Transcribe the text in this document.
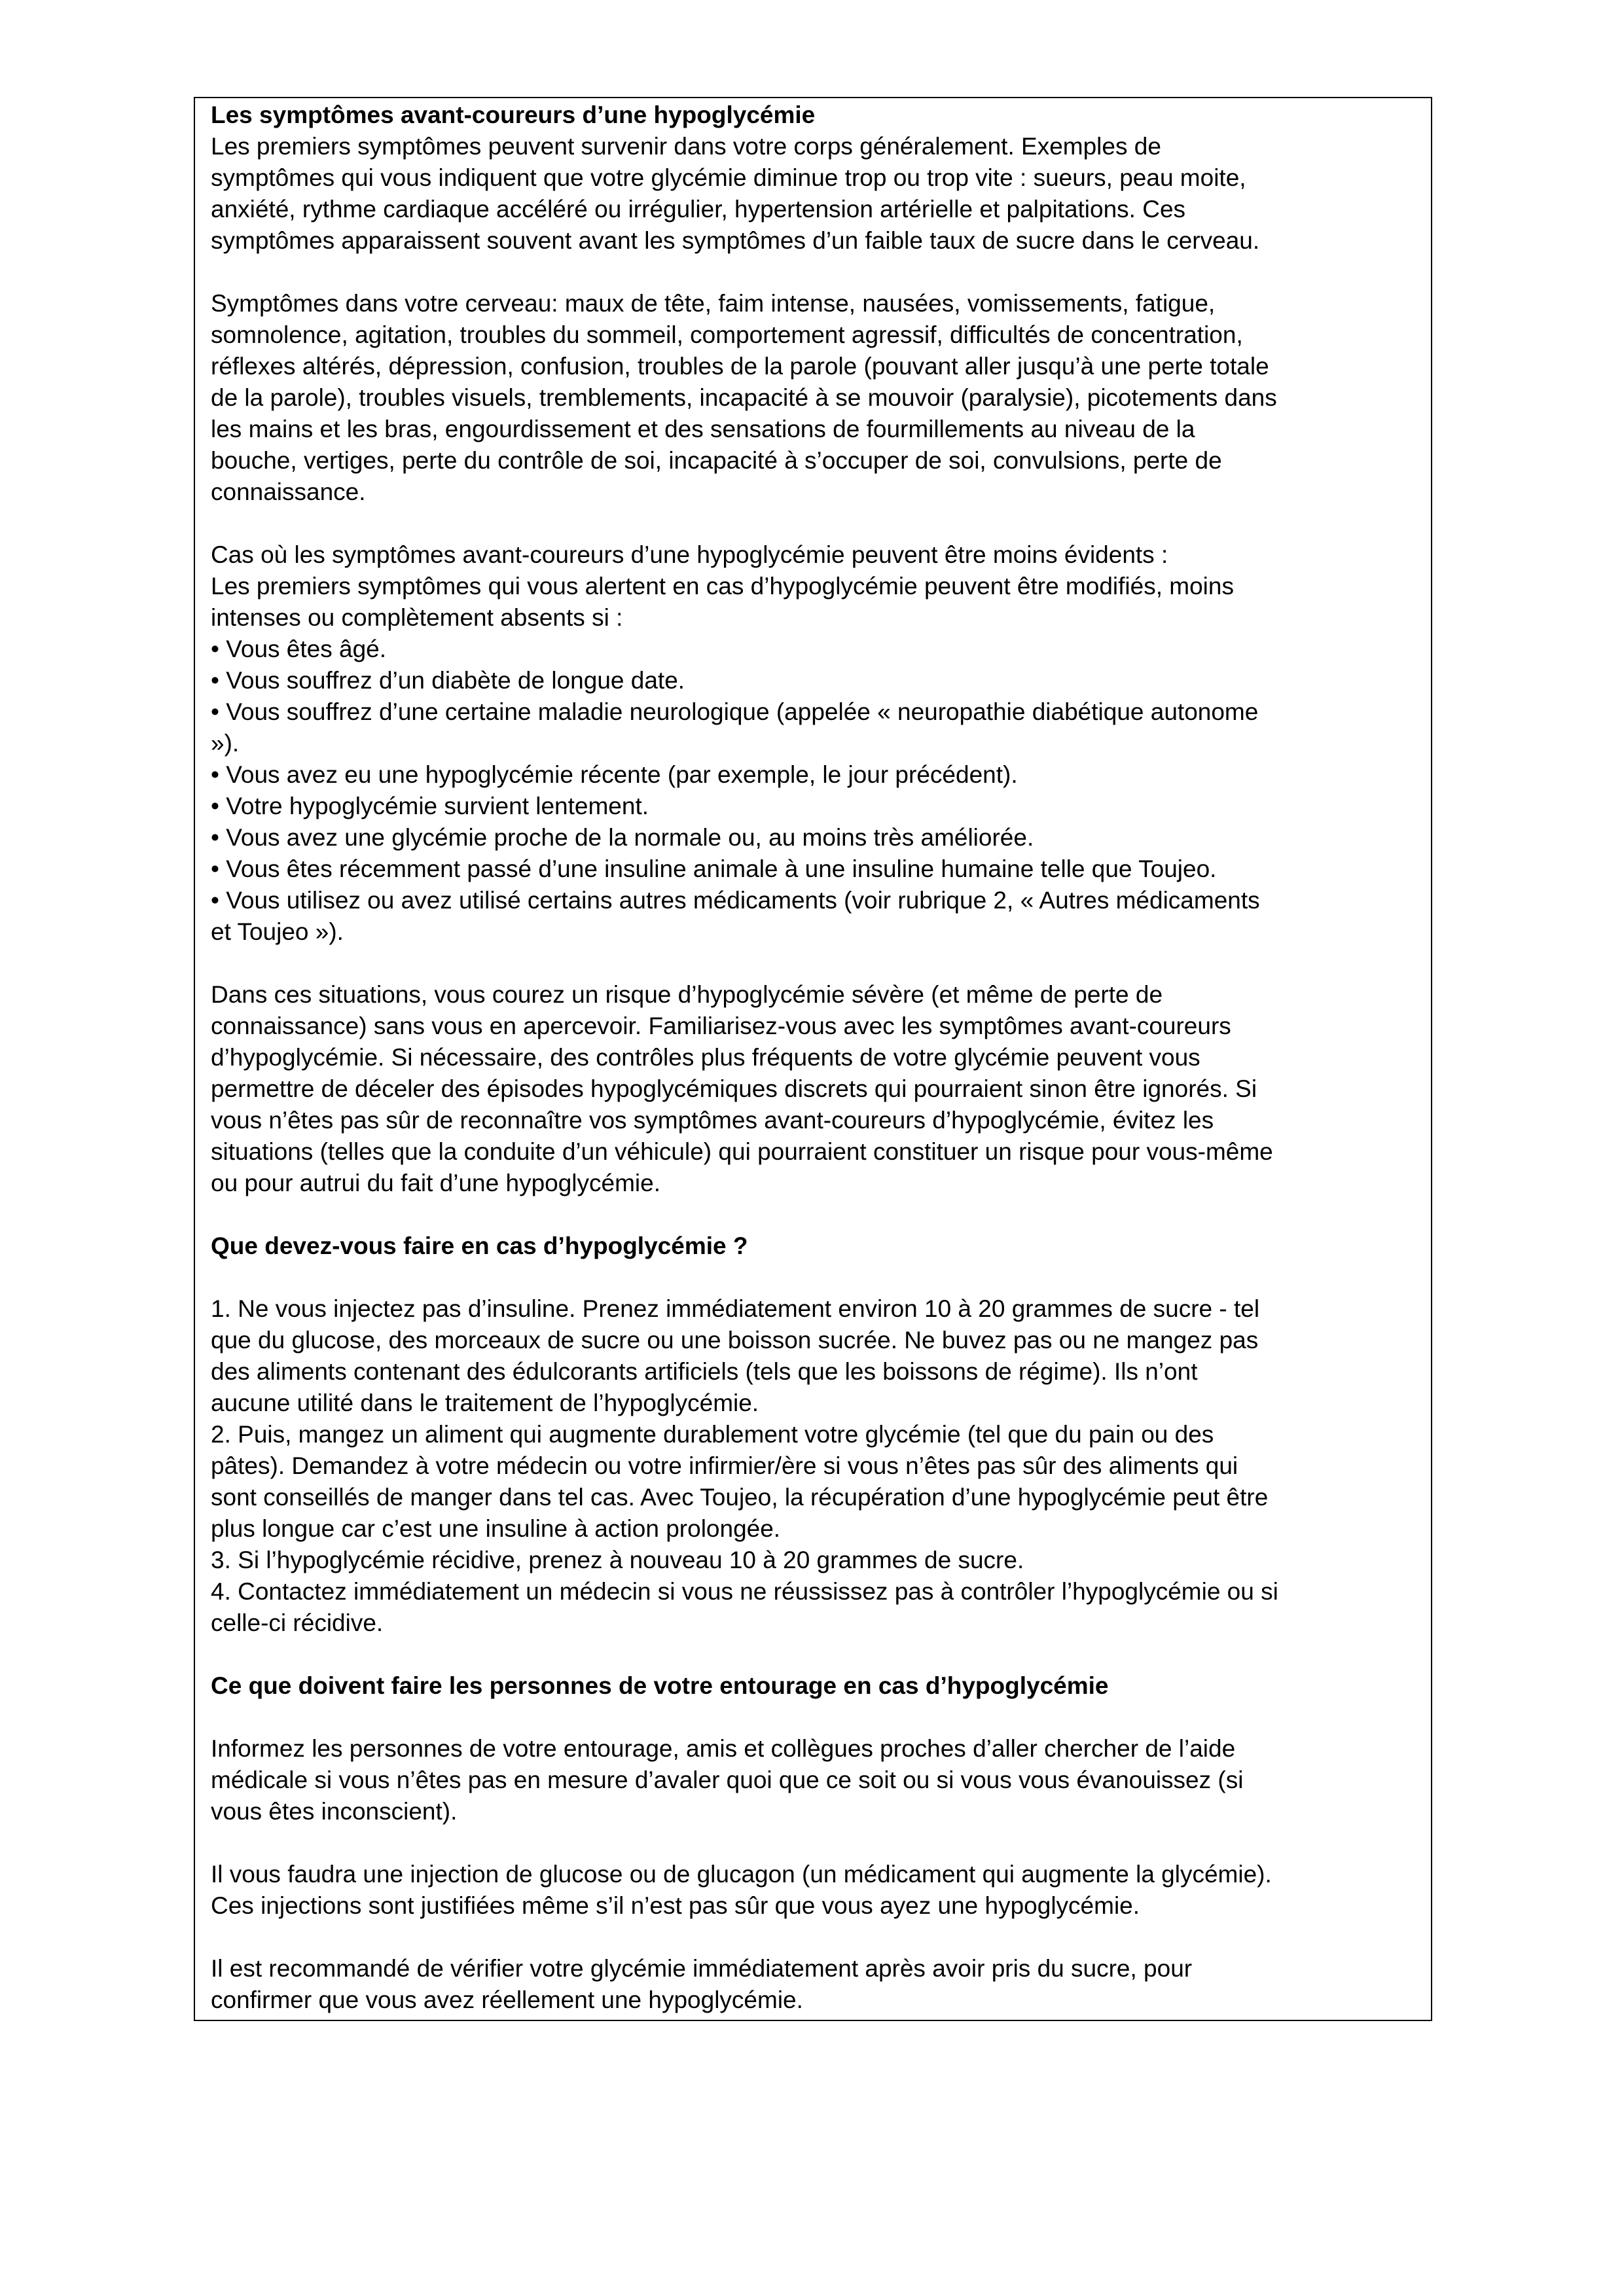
Les symptômes avant-coureurs d’une hypoglycémie
Les premiers symptômes peuvent survenir dans votre corps généralement. Exemples de
symptômes qui vous indiquent que votre glycémie diminue trop ou trop vite : sueurs, peau moite,
anxiété, rythme cardiaque accéléré ou irrégulier, hypertension artérielle et palpitations. Ces
symptômes apparaissent souvent avant les symptômes d’un faible taux de sucre dans le cerveau.
Symptômes dans votre cerveau: maux de tête, faim intense, nausées, vomissements, fatigue,
somnolence, agitation, troubles du sommeil, comportement agressif, difficultés de concentration,
réflexes altérés, dépression, confusion, troubles de la parole (pouvant aller jusqu’à une perte totale
de la parole), troubles visuels, tremblements, incapacité à se mouvoir (paralysie), picotements dans
les mains et les bras, engourdissement et des sensations de fourmillements au niveau de la
bouche, vertiges, perte du contrôle de soi, incapacité à s’occuper de soi, convulsions, perte de
connaissance.
Cas où les symptômes avant-coureurs d’une hypoglycémie peuvent être moins évidents :
Les premiers symptômes qui vous alertent en cas d’hypoglycémie peuvent être modifiés, moins
intenses ou complètement absents si :
• Vous êtes âgé.
• Vous souffrez d’un diabète de longue date.
• Vous souffrez d’une certaine maladie neurologique (appelée « neuropathie diabétique autonome
»).
• Vous avez eu une hypoglycémie récente (par exemple, le jour précédent).
• Votre hypoglycémie survient lentement.
• Vous avez une glycémie proche de la normale ou, au moins très améliorée.
• Vous êtes récemment passé d’une insuline animale à une insuline humaine telle que Toujeo.
• Vous utilisez ou avez utilisé certains autres médicaments (voir rubrique 2, « Autres médicaments
et Toujeo »).
Dans ces situations, vous courez un risque d’hypoglycémie sévère (et même de perte de
connaissance) sans vous en apercevoir. Familiarisez-vous avec les symptômes avant-coureurs
d’hypoglycémie. Si nécessaire, des contrôles plus fréquents de votre glycémie peuvent vous
permettre de déceler des épisodes hypoglycémiques discrets qui pourraient sinon être ignorés. Si
vous n’êtes pas sûr de reconnaître vos symptômes avant-coureurs d’hypoglycémie, évitez les
situations (telles que la conduite d’un véhicule) qui pourraient constituer un risque pour vous-même
ou pour autrui du fait d’une hypoglycémie.
Que devez-vous faire en cas d’hypoglycémie ?
1. Ne vous injectez pas d’insuline. Prenez immédiatement environ 10 à 20 grammes de sucre - tel
que du glucose, des morceaux de sucre ou une boisson sucrée. Ne buvez pas ou ne mangez pas
des aliments contenant des édulcorants artificiels (tels que les boissons de régime). Ils n’ont
aucune utilité dans le traitement de l’hypoglycémie.
2. Puis, mangez un aliment qui augmente durablement votre glycémie (tel que du pain ou des
pâtes). Demandez à votre médecin ou votre infirmier/ère si vous n’êtes pas sûr des aliments qui
sont conseillés de manger dans tel cas. Avec Toujeo, la récupération d’une hypoglycémie peut être
plus longue car c’est une insuline à action prolongée.
3. Si l’hypoglycémie récidive, prenez à nouveau 10 à 20 grammes de sucre.
4. Contactez immédiatement un médecin si vous ne réussissez pas à contrôler l’hypoglycémie ou si
celle-ci récidive.
Ce que doivent faire les personnes de votre entourage en cas d’hypoglycémie
Informez les personnes de votre entourage, amis et collègues proches d’aller chercher de l’aide
médicale si vous n’êtes pas en mesure d’avaler quoi que ce soit ou si vous vous évanouissez (si
vous êtes inconscient).
Il vous faudra une injection de glucose ou de glucagon (un médicament qui augmente la glycémie).
Ces injections sont justifiées même s’il n’est pas sûr que vous ayez une hypoglycémie.
Il est recommandé de vérifier votre glycémie immédiatement après avoir pris du sucre, pour
confirmer que vous avez réellement une hypoglycémie.
